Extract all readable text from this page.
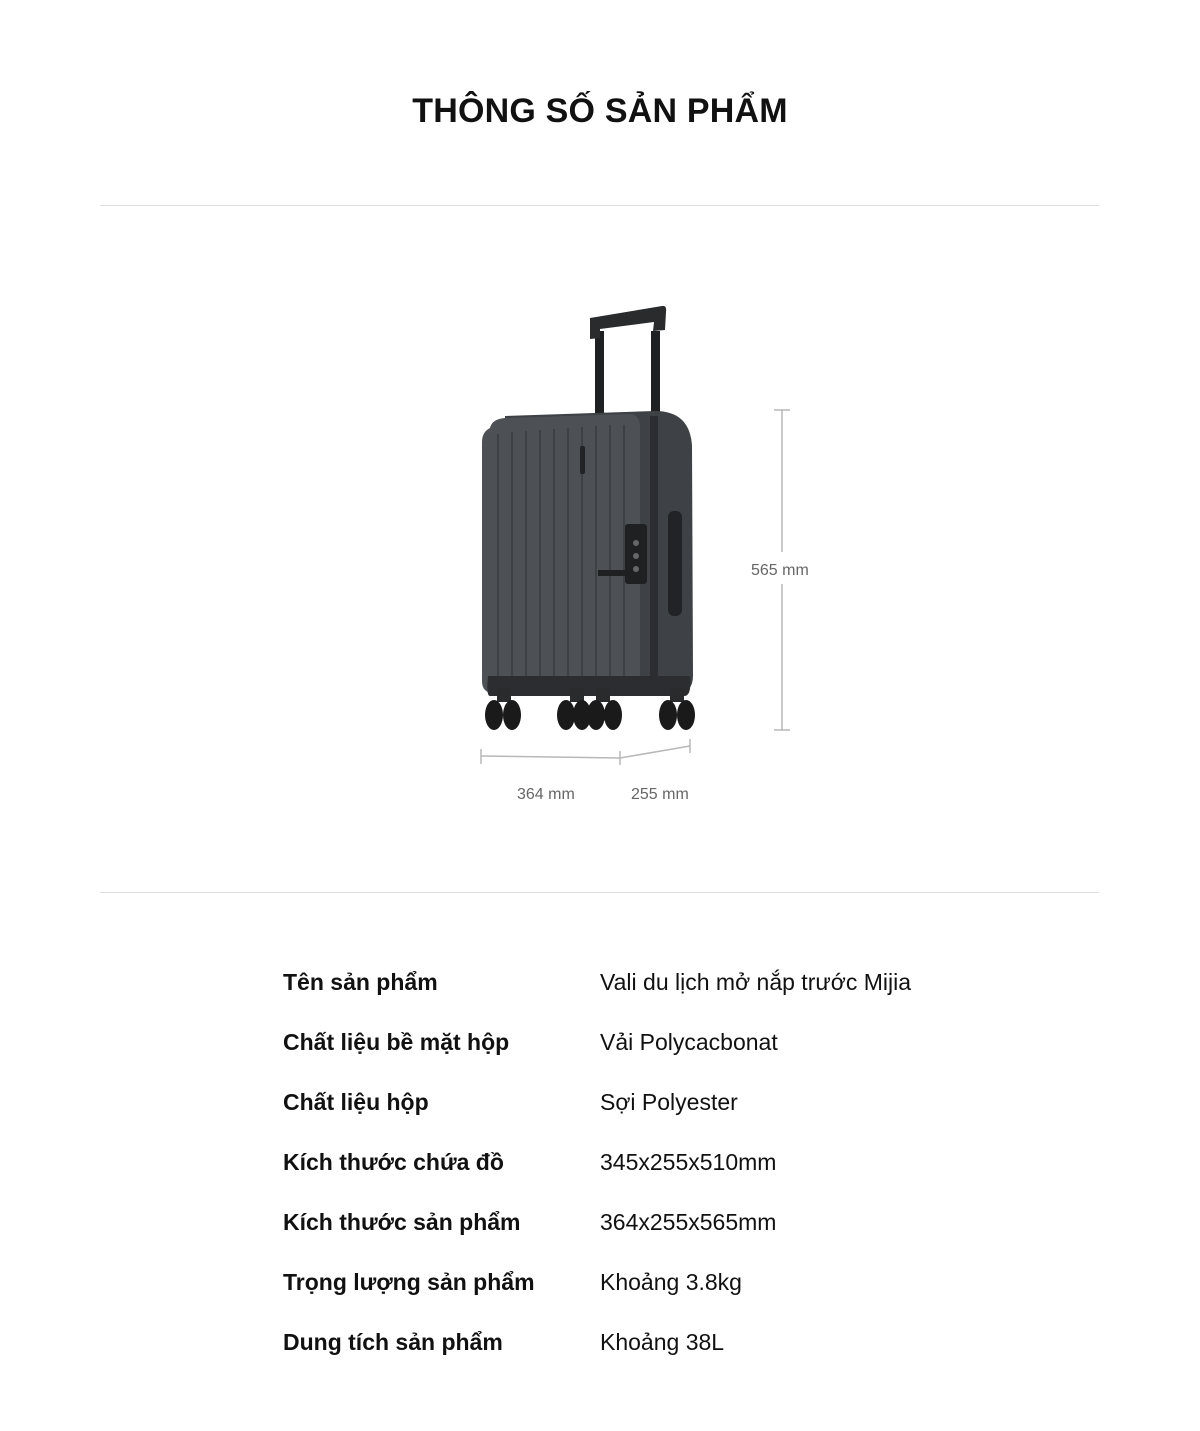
THÔNG SỐ SẢN PHẨM
565 mm
364 mm	255 mm
Tên sản phẩm	Vali du lịch mở nắp trước Mijia
Chất liệu bề mặt hộp	Vải Polycacbonat
Chất liệu hộp	Sợi Polyester
Kích thước chứa đồ	345x255x510mm
Kích thước sản phẩm	364x255x565mm
Trọng lượng sản phẩm	Khoảng 3.8kg
Dung tích sản phẩm	Khoảng 38L
